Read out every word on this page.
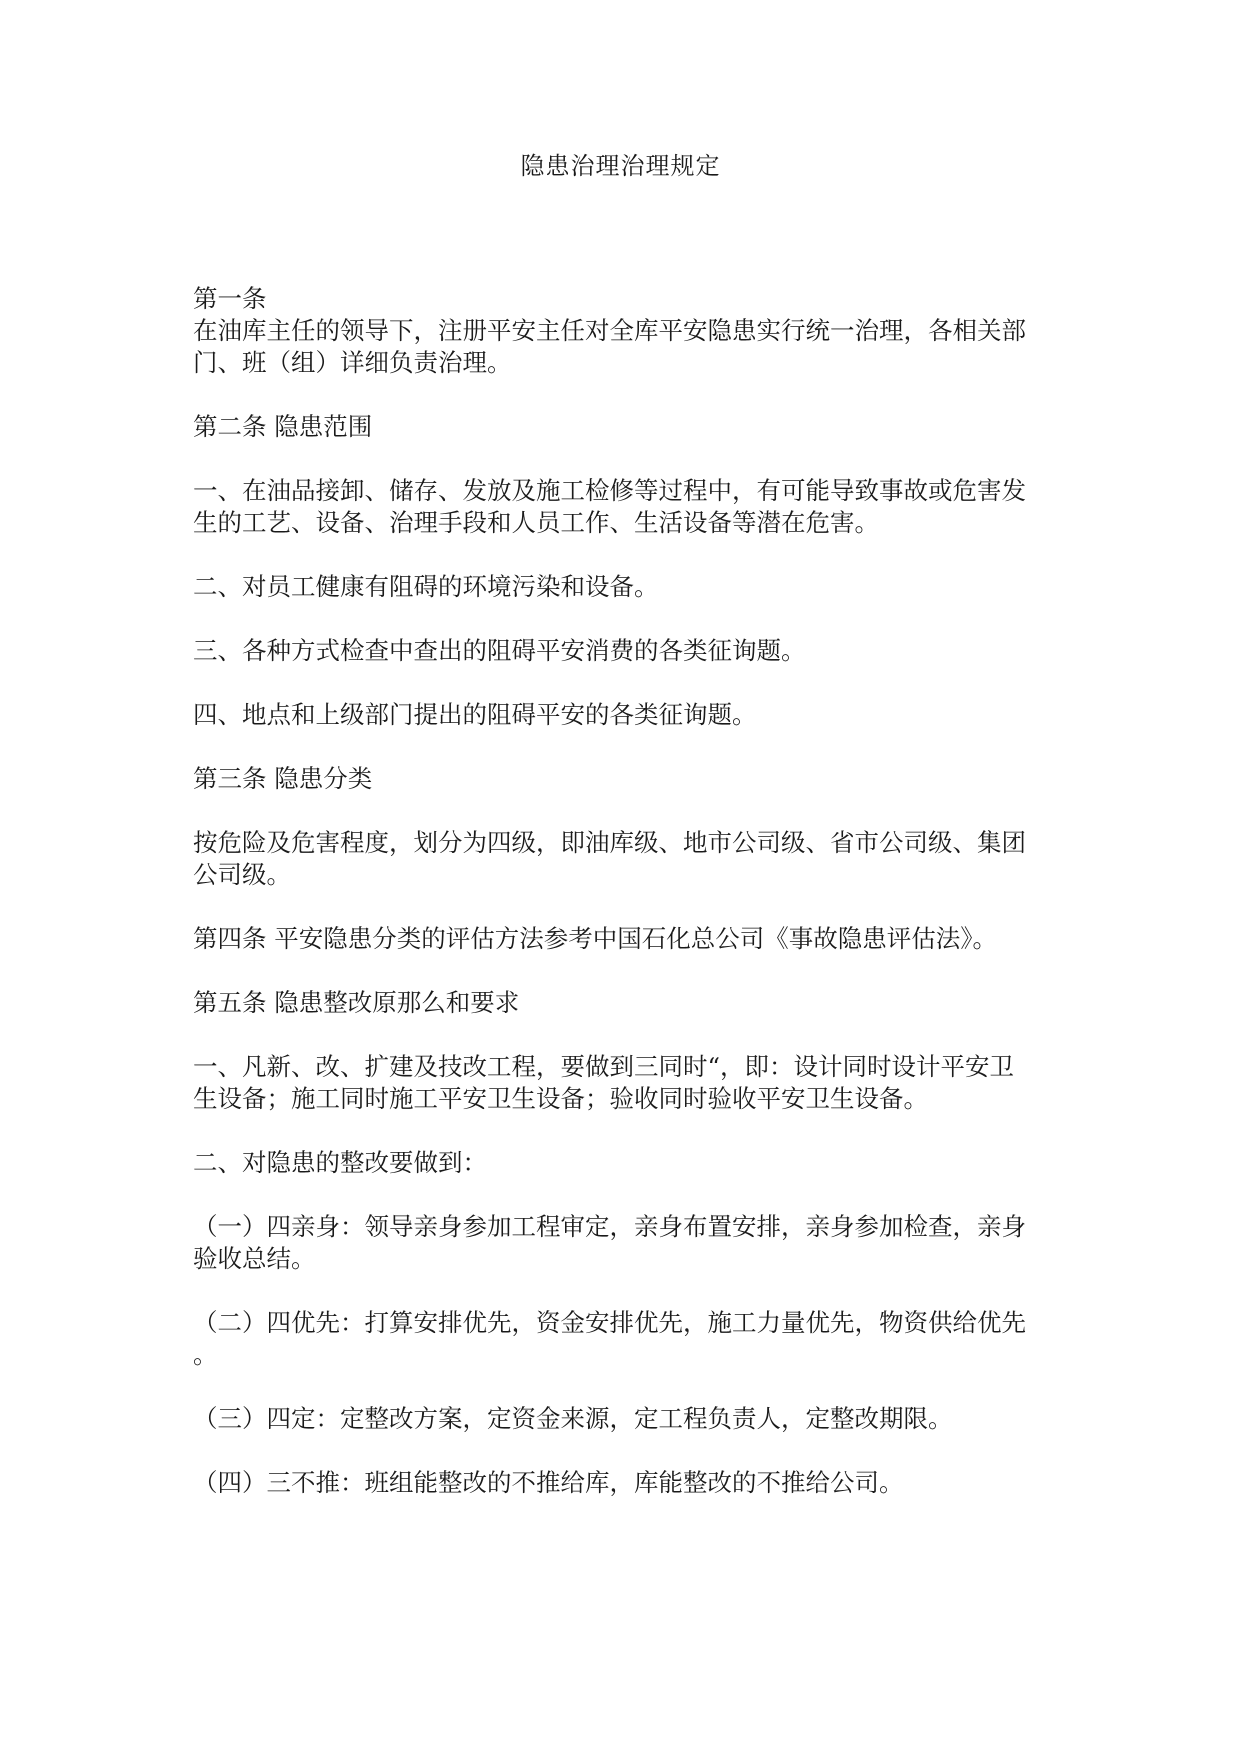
隐患治理治理规定
第一条
在油库主任的领导下，注册平安主任对全库平安隐患实行统一治理，各相关部
门、班（组）详细负责治理。
第二条 隐患范围
一、在油品接卸、储存、发放及施工检修等过程中，有可能导致事故或危害发
生的工艺、设备、治理手段和人员工作、生活设备等潜在危害。
二、对员工健康有阻碍的环境污染和设备。
三、各种方式检查中查出的阻碍平安消费的各类征询题。
四、地点和上级部门提出的阻碍平安的各类征询题。
第三条 隐患分类
按危险及危害程度，划分为四级，即油库级、地市公司级、省市公司级、集团
公司级。
第四条 平安隐患分类的评估方法参考中国石化总公司《事故隐患评估法》。
第五条 隐患整改原那么和要求
一、凡新、改、扩建及技改工程，要做到三同时“，即：设计同时设计平安卫
生设备；施工同时施工平安卫生设备；验收同时验收平安卫生设备。
二、对隐患的整改要做到：
（一）四亲身：领导亲身参加工程审定，亲身布置安排，亲身参加检查，亲身
验收总结。
（二）四优先：打算安排优先，资金安排优先，施工力量优先，物资供给优先
。
（三）四定：定整改方案，定资金来源，定工程负责人，定整改期限。
（四）三不推：班组能整改的不推给库，库能整改的不推给公司。
